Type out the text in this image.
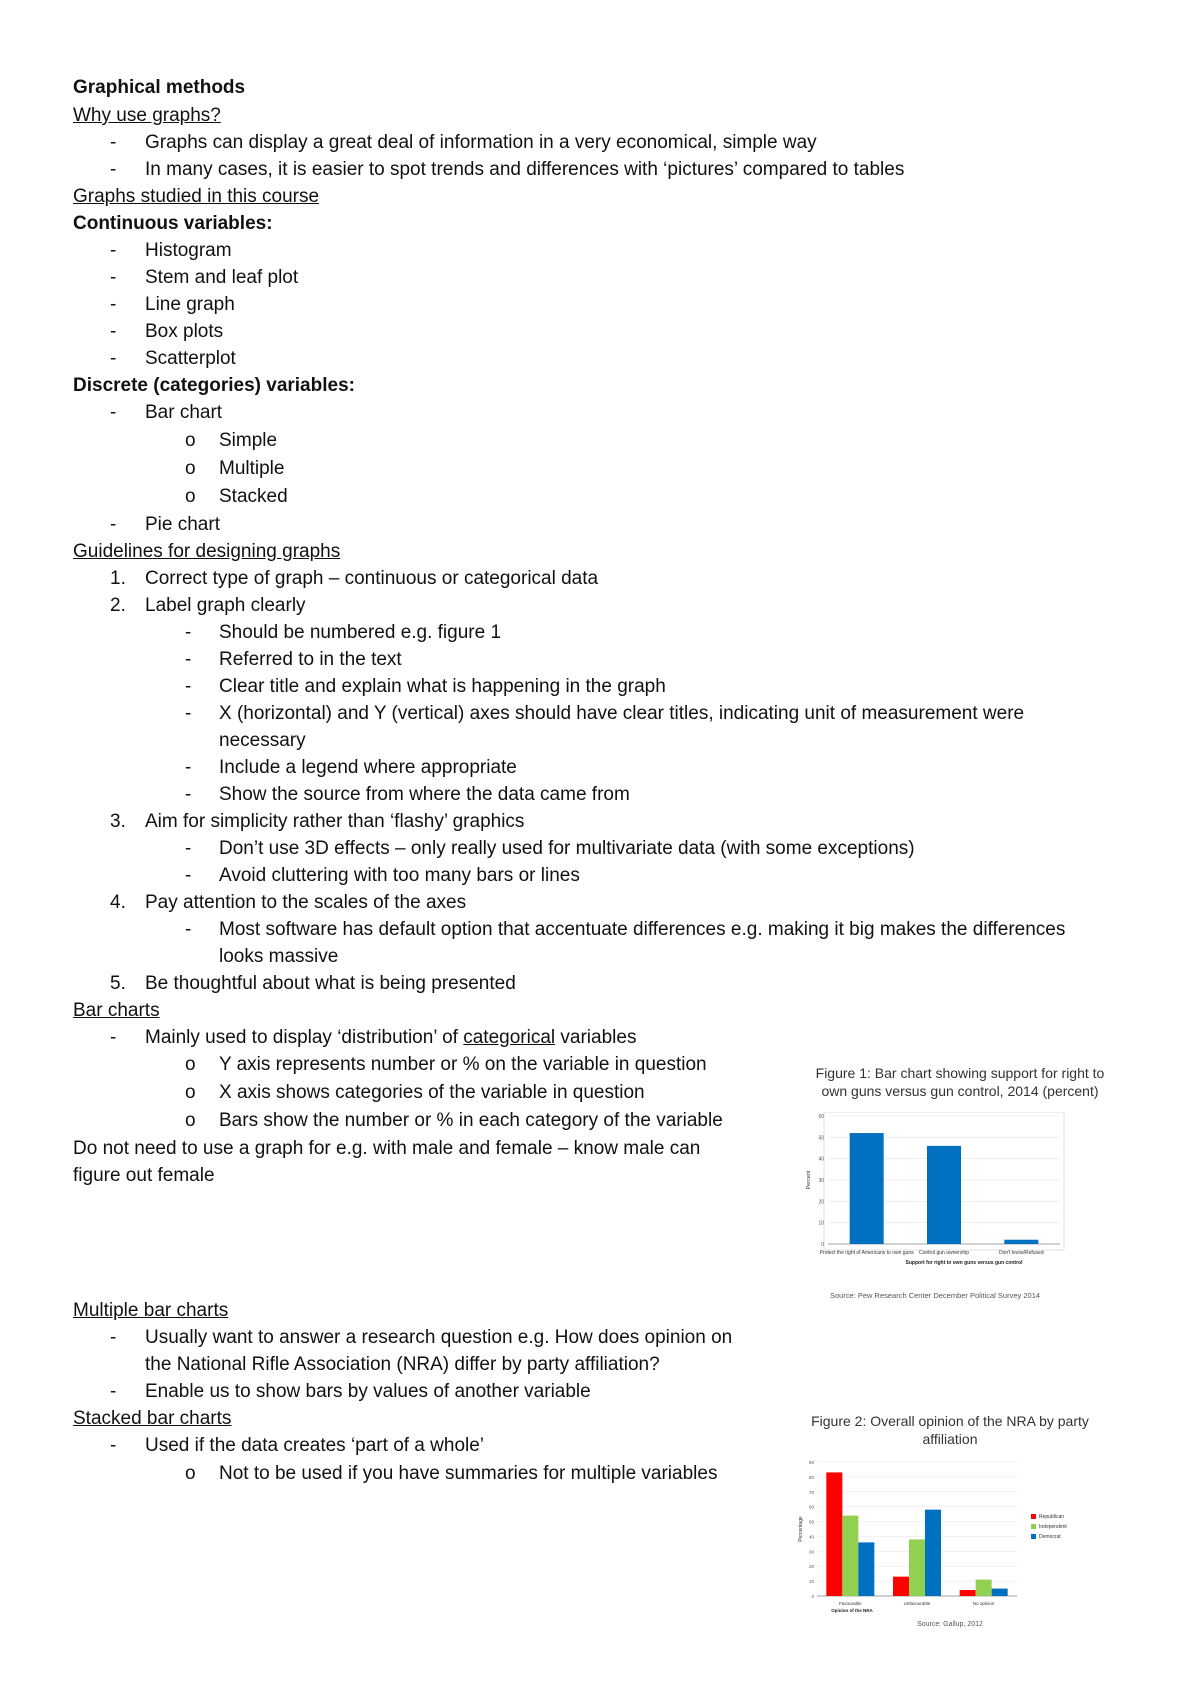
Graphical methods
Why use graphs?
- Graphs can display a great deal of information in a very economical, simple way
- In many cases, it is easier to spot trends and differences with ‘pictures’ compared to tables
Graphs studied in this course
Continuous variables:
- Histogram
- Stem and leaf plot
- Line graph
- Box plots
- Scatterplot
Discrete (categories) variables:
- Bar chart
o Simple
o Multiple
o Stacked
- Pie chart
Guidelines for designing graphs
1. Correct type of graph – continuous or categorical data
2. Label graph clearly
- Should be numbered e.g. figure 1
- Referred to in the text
- Clear title and explain what is happening in the graph
- X (horizontal) and Y (vertical) axes should have clear titles, indicating unit of measurement were
necessary
- Include a legend where appropriate
- Show the source from where the data came from
3. Aim for simplicity rather than ‘flashy’ graphics
- Don’t use 3D effects – only really used for multivariate data (with some exceptions)
- Avoid cluttering with too many bars or lines
4. Pay attention to the scales of the axes
- Most software has default option that accentuate differences e.g. making it big makes the differences
looks massive
5. Be thoughtful about what is being presented
Bar charts
- Mainly used to display ‘distribution’ of categorical variables
o Y axis represents number or % on the variable in question
o X axis shows categories of the variable in question
o Bars show the number or % in each category of the variable
Do not need to use a graph for e.g. with male and female – know male can
figure out female
Multiple bar charts
- Usually want to answer a research question e.g. How does opinion on
the National Rifle Association (NRA) differ by party affiliation?
- Enable us to show bars by values of another variable
Stacked bar charts
- Used if the data creates ‘part of a whole’
o Not to be used if you have summaries for multiple variables
Figure 1: Bar chart showing support for right to
own guns versus gun control, 2014 (percent)
0
10
20
30
40
50
60
Protect the right of Americans to own guns Control gun ownership	Don't know/Refused
Percent
Support for right to own guns versus gun control
Source: Pew Research Center December Political Survey 2014
Figure 2: Overall opinion of the NRA by party
affiliation
0
10
20
30
40
50
60
70
80
90
Favourable	Unfavourable	No opinion
Percentage
Opinion of the NRA
Republican
Independent
Democrat
Source: Gallup, 2012
